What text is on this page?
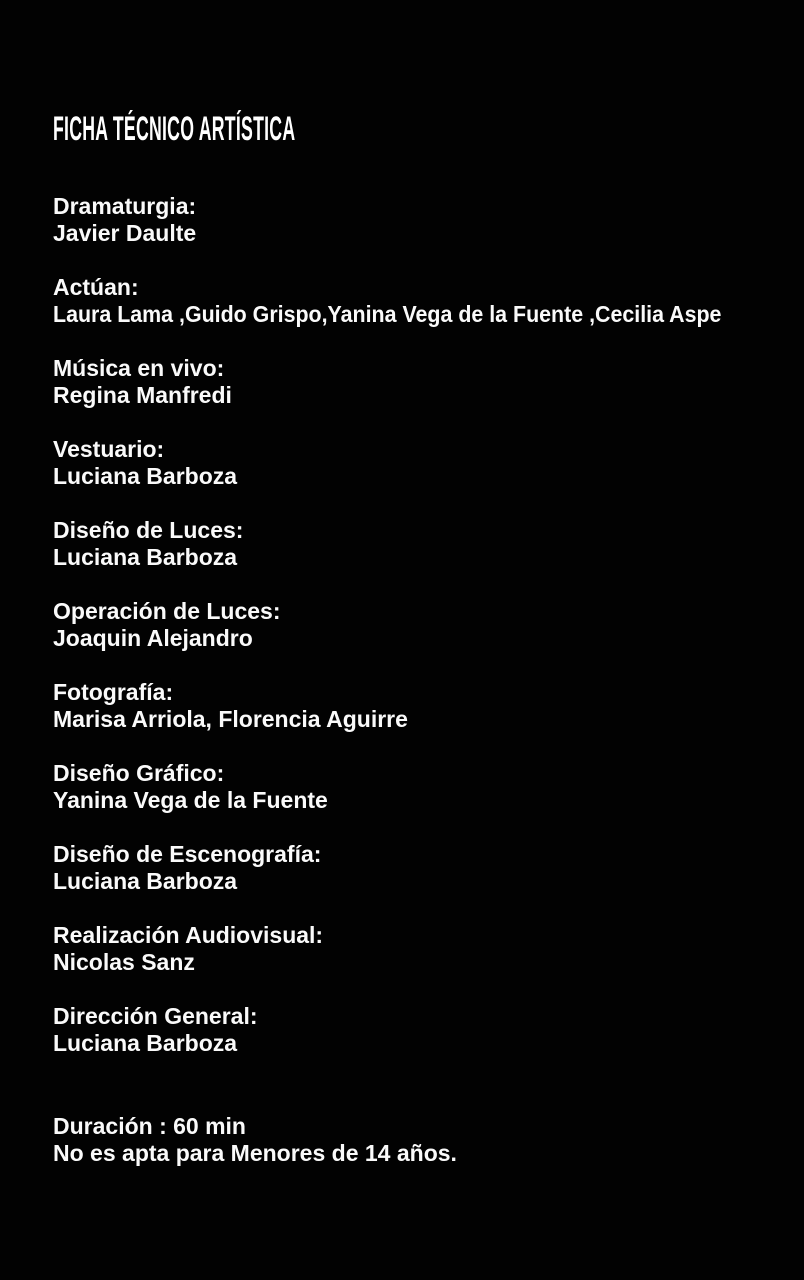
FICHA TÉCNICO ARTÍSTICA
Dramaturgia:
Javier Daulte
Actúan:
Laura Lama ,Guido Grispo,Yanina Vega de la Fuente ,Cecilia Aspe
Música en vivo:
Regina Manfredi
Vestuario:
Luciana Barboza
Diseño de Luces:
Luciana Barboza
Operación de Luces:
Joaquin Alejandro
Fotografía:
Marisa Arriola, Florencia Aguirre
Diseño Gráfico:
Yanina Vega de la Fuente
Diseño de Escenografía:
Luciana Barboza
Realización Audiovisual:
Nicolas Sanz
Dirección General:
Luciana Barboza
Duración : 60 min
No es apta para Menores de 14 años.
